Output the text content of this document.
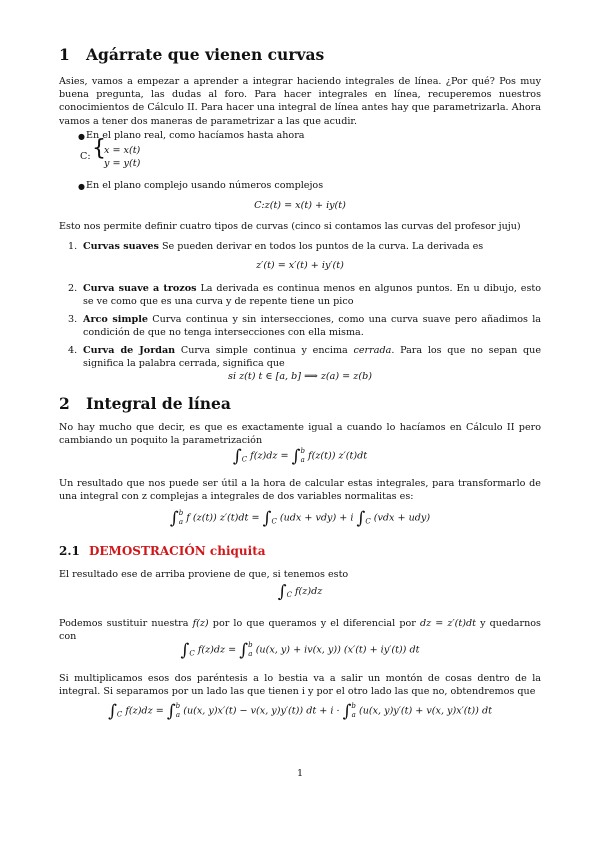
1 Agárrate que vienen curvas
Asies, vamos a empezar a aprender a integrar haciendo integrales de línea. ¿Por qué? Pos muy buena pregunta, las dudas al foro. Para hacer integrales en línea, recuperemos nuestros conocimientos de Cálculo II. Para hacer una integral de línea antes hay que parametrizarla. Ahora vamos a tener dos maneras de parametrizar a las que acudir.
● En el plano real, como hacíamos hasta ahora
C: {
x = x(t)
y = y(t)
● En el plano complejo usando números complejos
C:z(t) = x(t) + iy(t)
Esto nos permite definir cuatro tipos de curvas (cinco si contamos las curvas del profesor juju)
1. Curvas suaves Se pueden derivar en todos los puntos de la curva. La derivada es
z′(t) = x′(t) + iy′(t)
2. Curva suave a trozos La derivada es continua menos en algunos puntos. En u dibujo, esto se ve como que es una curva y de repente tiene un pico
3. Arco simple Curva continua y sin intersecciones, como una curva suave pero añadimos la condición de que no tenga intersecciones con ella misma.
4. Curva de Jordan Curva simple continua y encima cerrada. Para los que no sepan que significa la palabra cerrada, significa que
si z(t) t ∈ [a, b] ⟹ z(a) = z(b)
2 Integral de línea
No hay mucho que decir, es que es exactamente igual a cuando lo hacíamos en Cálculo II pero cambiando un poquito la parametrización
$\int_C$ f(z)dz = ∫ b
a f(z(t)) z′(t)dt
Un resultado que nos puede ser útil a la hora de calcular estas integrales, para transformarlo de una integral con z complejas a integrales de dos variables normalitas es:
∫ b
a f (z(t)) $z'(t)dt = \int_C$ (udx + vdy) + i $\int_C$ (vdx + udy)
2.1 DEMOSTRACIÓN chiquita
El resultado ese de arriba proviene de que, si tenemos esto
$\int_C$ f(z)dz
Podemos sustituir nuestra f(z) por lo que queramos y el diferencial por dz = z′(t)dt y quedarnos con
$\int_C$ f(z)dz = ∫ b
a (u(x, y) + iv(x, y)) (x′(t) + iy′(t)) dt
Si multiplicamos esos dos paréntesis a lo bestia va a salir un montón de cosas dentro de la integral. Si separamos por un lado las que tienen i y por el otro lado las que no, obtendremos que
$\int_C$ f(z)dz = ∫ b
a (u(x, y)x′(t) − v(x, y)y′(t)) dt + i · ∫ b
a (u(x, y)y′(t) + v(x, y)x′(t)) dt
1
